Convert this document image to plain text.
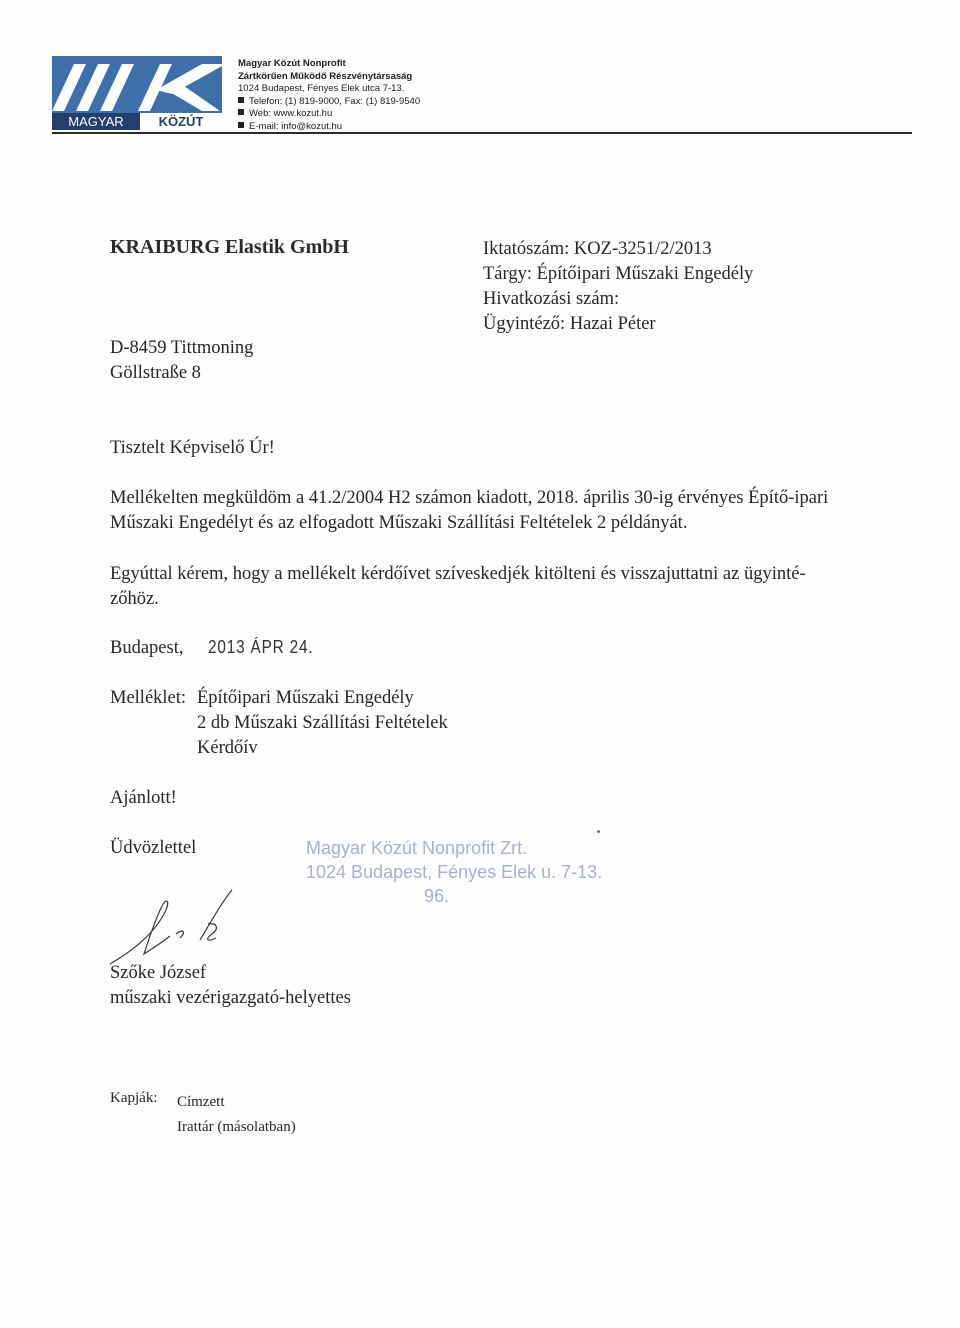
MAGYAR	KÖZÚT
Magyar Közút Nonprofit
Zártkörűen Működő Részvénytársaság
1024 Budapest, Fényes Elek utca 7-13.
Telefon: (1) 819-9000, Fax: (1) 819-9540
Web: www.kozut.hu
E-mail: info@kozut.hu
KRAIBURG Elastik GmbH
D-8459 Tittmoning
Göllstraße 8
Iktatószám: KOZ-3251/2/2013
Tárgy: Építőipari Műszaki Engedély
Hivatkozási szám:
Ügyintéző: Hazai Péter
Tisztelt Képviselő Úr!
Mellékelten megküldöm a 41.2/2004 H2 számon kiadott, 2018. április 30-ig érvényes Építő-ipari Műszaki Engedélyt és az elfogadott Műszaki Szállítási Feltételek 2 példányát.
Egyúttal kérem, hogy a mellékelt kérdőívet szíveskedjék kitölteni és visszajuttatni az ügyinté-zőhöz.
Budapest, 2013 ÁPR 24.
Melléklet: Építőipari Műszaki Engedély
2 db Műszaki Szállítási Feltételek
Kérdőív
Ajánlott!
Üdvözlettel	Magyar Közút Nonprofit Zrt.
1024 Budapest, Fényes Elek u. 7-13.
96.
Szőke József
műszaki vezérigazgató-helyettes
Kapják: Címzett
Irattár (másolatban)
